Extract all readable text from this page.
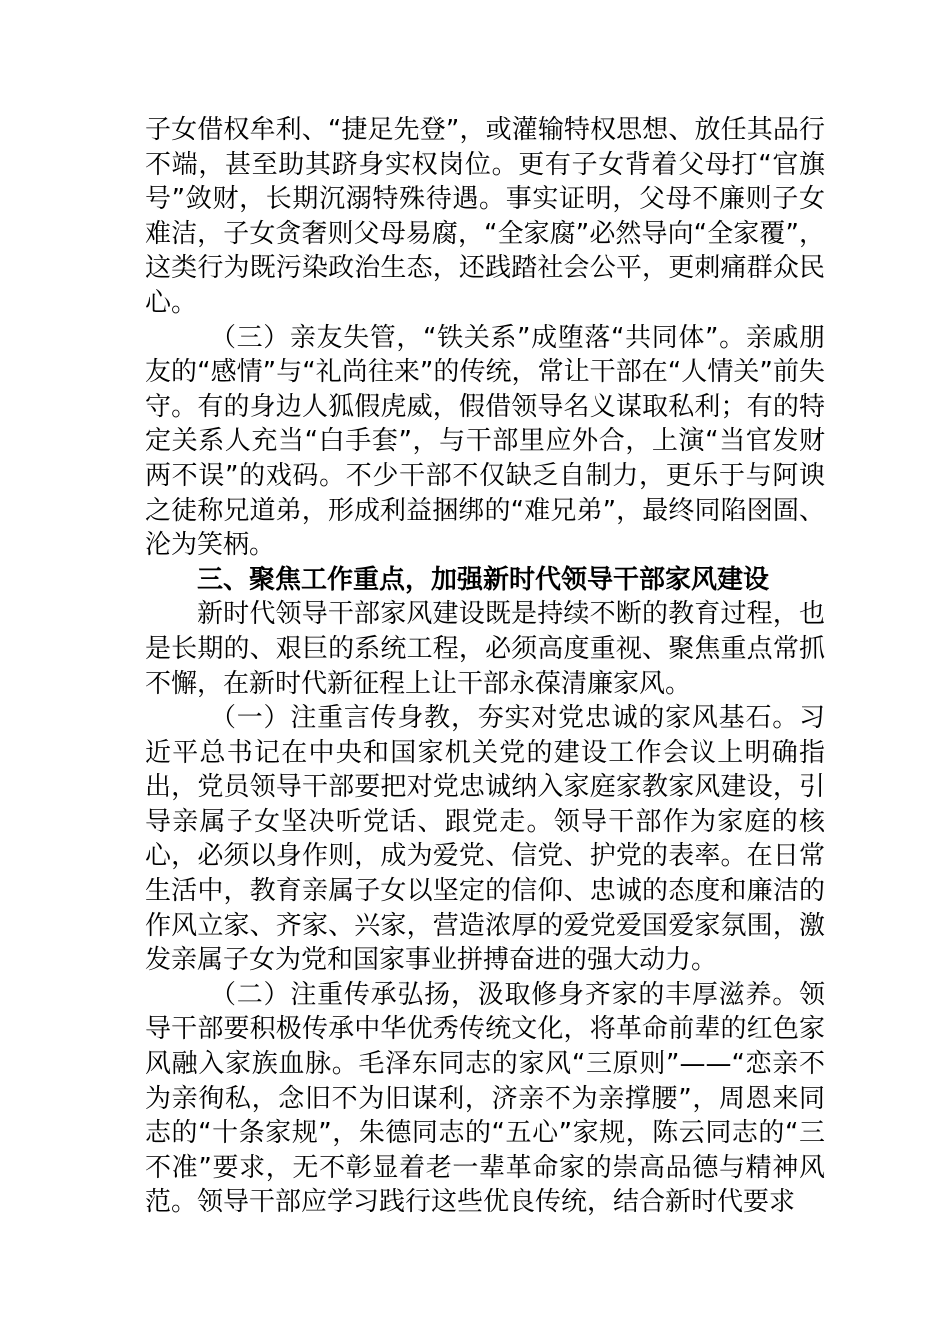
子女借权牟利、“捷足先登”，或灌输特权思想、放任其品行不端，甚至助其跻身实权岗位。更有子女背着父母打“官旗号”敛财，长期沉溺特殊待遇。事实证明，父母不廉则子女难洁，子女贪奢则父母易腐，“全家腐”必然导向“全家覆”，这类行为既污染政治生态，还践踏社会公平，更刺痛群众民心。

（三）亲友失管，“铁关系”成堕落“共同体”。亲戚朋友的“感情”与“礼尚往来”的传统，常让干部在“人情关”前失守。有的身边人狐假虎威，假借领导名义谋取私利；有的特定关系人充当“白手套”，与干部里应外合，上演“当官发财两不误”的戏码。不少干部不仅缺乏自制力，更乐于与阿谀之徒称兄道弟，形成利益捆绑的“难兄弟”，最终同陷囹圄、沦为笑柄。

三、聚焦工作重点，加强新时代领导干部家风建设

新时代领导干部家风建设既是持续不断的教育过程，也是长期的、艰巨的系统工程，必须高度重视、聚焦重点常抓不懈，在新时代新征程上让干部永葆清廉家风。

（一）注重言传身教，夯实对党忠诚的家风基石。习近平总书记在中央和国家机关党的建设工作会议上明确指出，党员领导干部要把对党忠诚纳入家庭家教家风建设，引导亲属子女坚决听党话、跟党走。领导干部作为家庭的核心，必须以身作则，成为爱党、信党、护党的表率。在日常生活中，教育亲属子女以坚定的信仰、忠诚的态度和廉洁的作风立家、齐家、兴家，营造浓厚的爱党爱国爱家氛围，激发亲属子女为党和国家事业拼搏奋进的强大动力。

（二）注重传承弘扬，汲取修身齐家的丰厚滋养。领导干部要积极传承中华优秀传统文化，将革命前辈的红色家风融入家族血脉。毛泽东同志的家风“三原则”——“恋亲不为亲徇私，念旧不为旧谋利，济亲不为亲撑腰”，周恩来同志的“十条家规”，朱德同志的“五心”家规，陈云同志的“三不准”要求，无不彰显着老一辈革命家的崇高品德与精神风范。领导干部应学习践行这些优良传统，结合新时代要求
